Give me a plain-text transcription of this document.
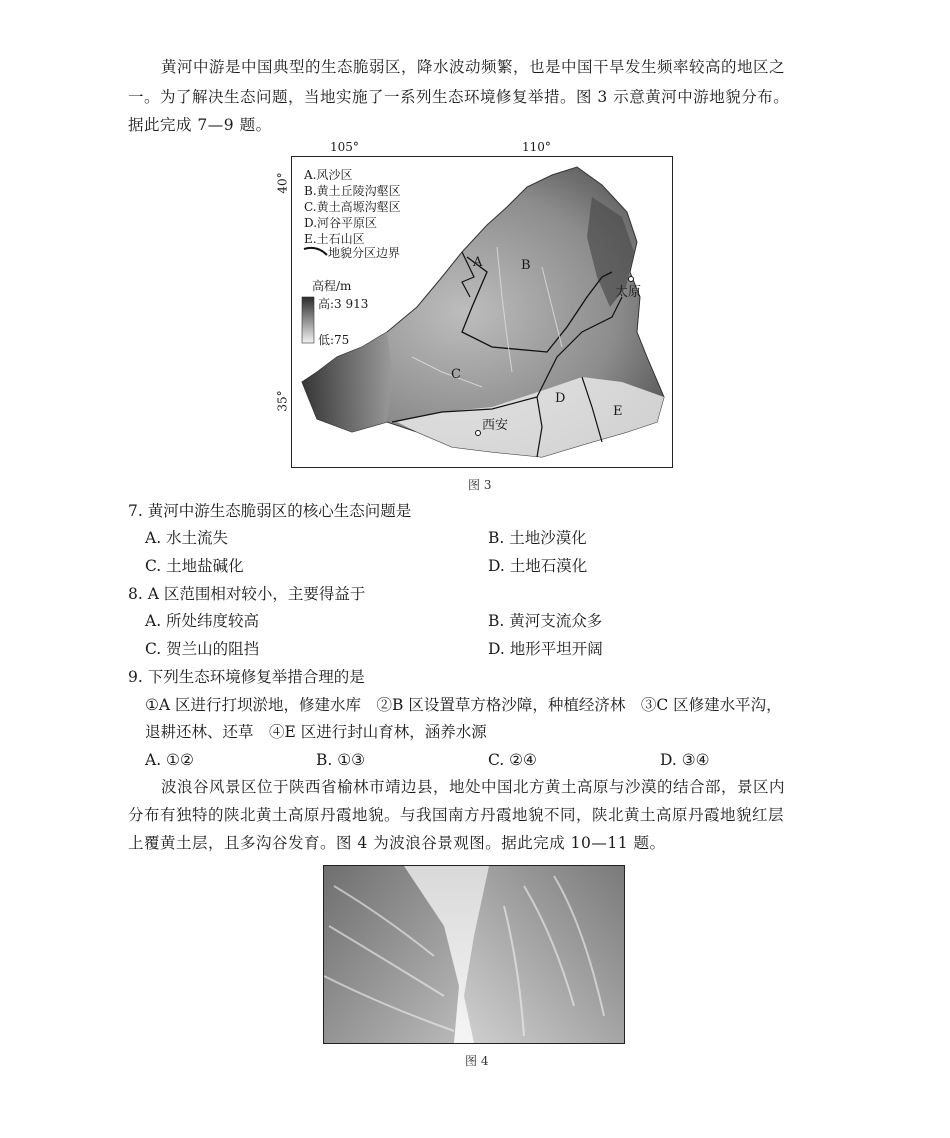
黄河中游是中国典型的生态脆弱区，降水波动频繁，也是中国干旱发生频率较高的地区之
一。为了解决生态问题，当地实施了一系列生态环境修复举措。图 3 示意黄河中游地貌分布。
据此完成 7—9 题。
105°	110°
40°
35°
A.风沙区
B.黄土丘陵沟壑区
C.黄土高塬沟壑区
D.河谷平原区
E.土石山区
地貌分区边界
高程/m
高:3 913
低:75
A	B
C
D
E
太原
西安
图 3
7. 黄河中游生态脆弱区的核心生态问题是
A. 水土流失	B. 土地沙漠化
C. 土地盐碱化	D. 土地石漠化
8. A 区范围相对较小，主要得益于
A. 所处纬度较高	B. 黄河支流众多
C. 贺兰山的阻挡	D. 地形平坦开阔
9. 下列生态环境修复举措合理的是
①A 区进行打坝淤地，修建水库　②B 区设置草方格沙障，种植经济林　③C 区修建水平沟，
退耕还林、还草　④E 区进行封山育林，涵养水源
A. ①②	B. ①③	C. ②④	D. ③④
波浪谷风景区位于陕西省榆林市靖边县，地处中国北方黄土高原与沙漠的结合部，景区内
分布有独特的陕北黄土高原丹霞地貌。与我国南方丹霞地貌不同，陕北黄土高原丹霞地貌红层
上覆黄土层，且多沟谷发育。图 4 为波浪谷景观图。据此完成 10—11 题。
图 4
